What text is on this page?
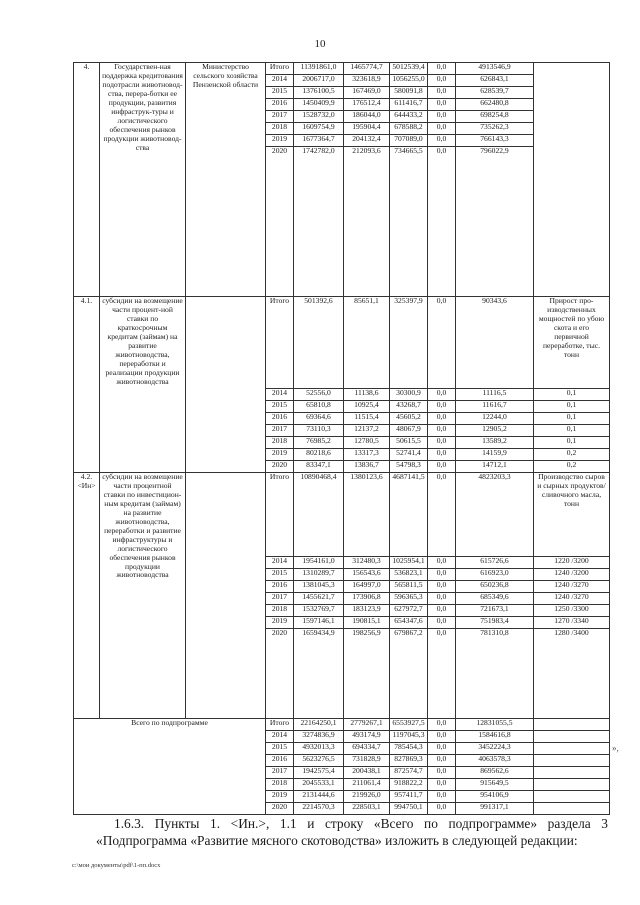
10
4.	Государствен-ная поддержка кредитования подотрасли животновод-ства, перера-ботки ее продукции, развития инфраструк-туры и логистического обеспечения рынков продукции животновод-ства	Министерство сельского хозяйства Пензенской области	Итого	11391861,0	1465774,7	5012539,4	0,0	4913546,9	
			2014	2006717,0	323618,9	1056255,0	0,0	626843,1	
			2015	1376100,5	167469,0	580091,8	0,0	628539,7	
			2016	1450409,9	176512,4	611416,7	0,0	662480,8	
			2017	1528732,0	186044,0	644433,2	0,0	698254,8	
			2018	1609754,9	195904,4	678588,2	0,0	735262,3	
			2019	1677364,7	204132,4	707089,0	0,0	766143,3	
			2020	1742782,0	212093,6	734665,5	0,0	796022,9	
4.1.	субсидии на возмещение части процент-ной ставки по краткосрочным кредитам (займам) на развитие животноводства, переработки и реализации продукции животноводства		Итого	501392,6	85651,1	325397,9	0,0	90343,6	Прирост про-изводственных мощностей по убою скота и его первичной переработке, тыс. тонн
			2014	52556,0	11138,6	30300,9	0,0	11116,5	0,1
			2015	65810,8	10925,4	43268,7	0,0	11616,7	0,1
			2016	69364,6	11515,4	45605,2	0,0	12244,0	0,1
			2017	73110,3	12137,2	48067,9	0,0	12905,2	0,1
			2018	76985,2	12780,5	50615,5	0,0	13589,2	0,1
			2019	80218,6	13317,3	52741,4	0,0	14159,9	0,2
			2020	83347,1	13836,7	54798,3	0,0	14712,1	0,2
4.2. <Ин>	субсидии на возмещение части процентной ставки по инвестицион-ным кредитам (займам) на развитие животноводства, переработки и развитие инфраструктуры и логистического обеспечения рынков продукции животноводства		Итого	10890468,4	1380123,6	4687141,5	0,0	4823203,3	Производство сыров и сырных продуктов/ сливочного масла, тонн
			2014	1954161,0	312480,3	1025954,1	0,0	615726,6	1220 /3200
			2015	1310289,7	156543,6	536823,1	0,0	616923,0	1240 /3200
			2016	1381045,3	164997,0	565811,5	0,0	650236,8	1240 /3270
			2017	1455621,7	173906,8	596365,3	0,0	685349,6	1240 /3270
			2018	1532769,7	183123,9	627972,7	0,0	721673,1	1250 /3300
			2019	1597146,1	190815,1	654347,6	0,0	751983,4	1270 /3340
			2020	1659434,9	198256,9	679867,2	0,0	781310,8	1280 /3400
Всего по подпрограмме			Итого	22164250,1	2779267,1	6553927,5	0,0	12831055,5	
			2014	3274836,9	493174,9	1197045,3	0,0	1584616,8	
			2015	4932013,3	694334,7	785454,3	0,0	3452224,3	
			2016	5623276,5	731828,9	827869,3	0,0	4063578,3	
			2017	1942575,4	200438,1	872574,7	0,0	869562,6	
			2018	2045533,1	211061,4	918822,2	0,0	915649,5	
			2019	2131444,6	219926,0	957411,7	0,0	954106,9	
			2020	2214570,3	228503,1	994750,1	0,0	991317,1	
»,
1.6.3. Пункты 1. <Ин.>, 1.1 и строку «Всего по подпрограмме» раздела 3 «Подпрограмма «Развитие мясного скотоводства» изложить в следующей редакции:
c:\мои документы\pdf\1-пп.docx
